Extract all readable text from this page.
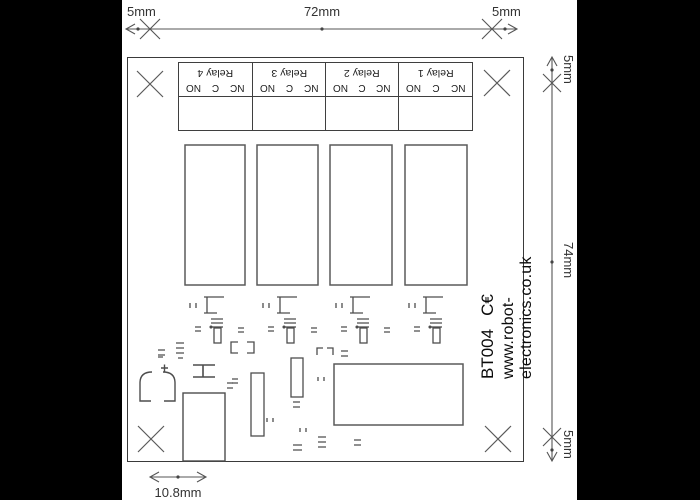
NC
C
NO
Relay 4
NC
C
NO
Relay 3
NC
C
NO
Relay 2
NC
C
NO
Relay 1
5mm	72mm	5mm
5mm
74mm
5mm
10.8mm
www.robot-electronics.co.uk
BT004
C€
